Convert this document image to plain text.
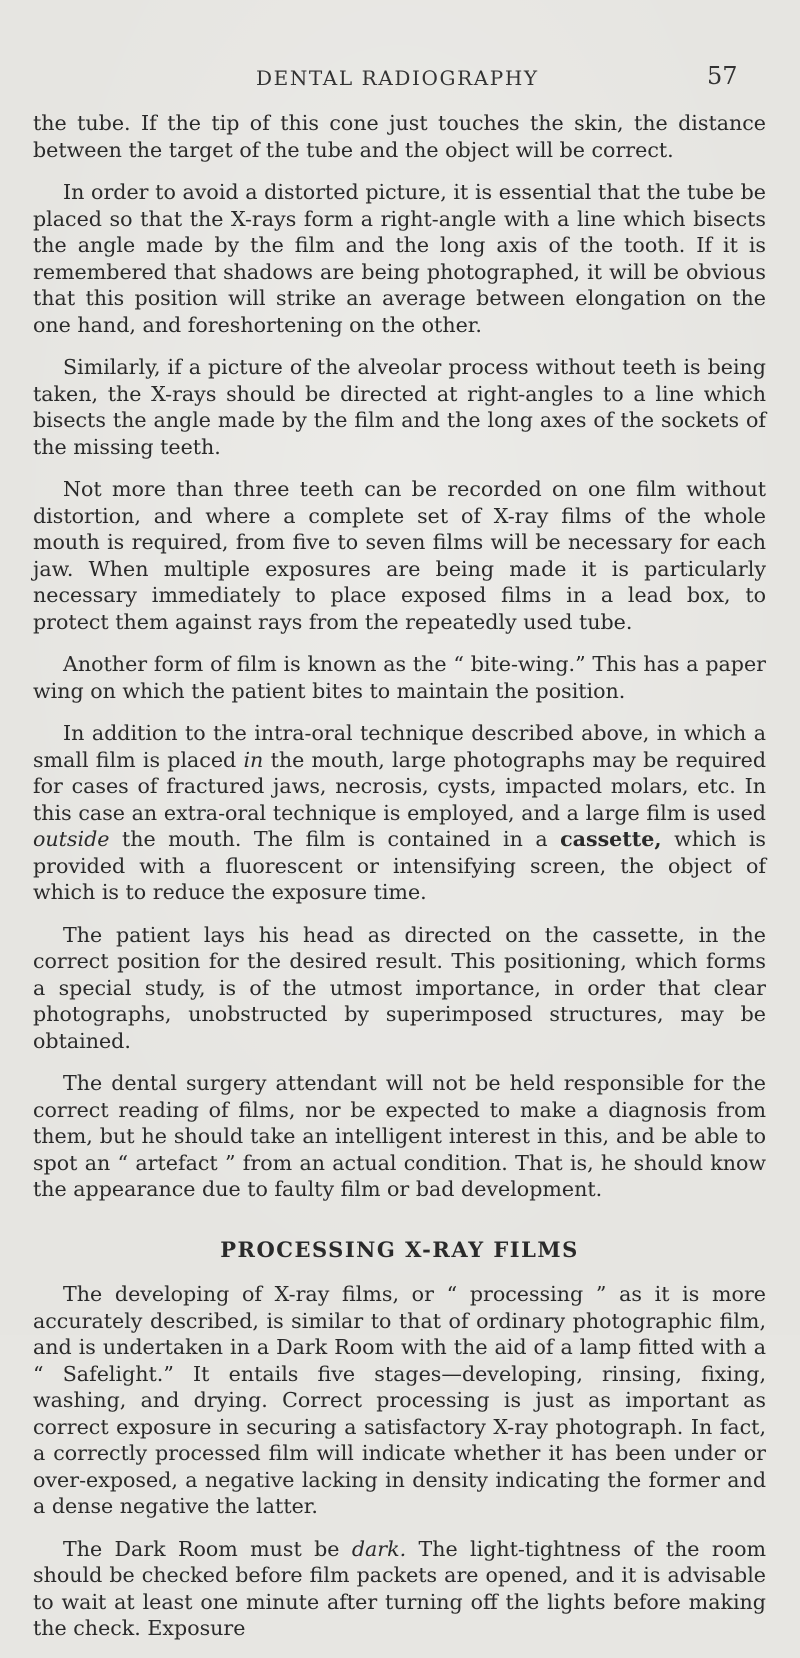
DENTAL RADIOGRAPHY	57

the tube. If the tip of this cone just touches the skin, the distance between the target of the tube and the object will be correct.

In order to avoid a distorted picture, it is essential that the tube be placed so that the X-rays form a right-angle with a line which bisects the angle made by the film and the long axis of the tooth. If it is remembered that shadows are being photographed, it will be obvious that this position will strike an average between elongation on the one hand, and foreshortening on the other.

Similarly, if a picture of the alveolar process without teeth is being taken, the X-rays should be directed at right-angles to a line which bisects the angle made by the film and the long axes of the sockets of the missing teeth.

Not more than three teeth can be recorded on one film without distortion, and where a complete set of X-ray films of the whole mouth is required, from five to seven films will be necessary for each jaw. When multiple exposures are being made it is particularly necessary immediately to place exposed films in a lead box, to protect them against rays from the repeatedly used tube.

Another form of film is known as the “ bite-wing.” This has a paper wing on which the patient bites to maintain the position.

In addition to the intra-oral technique described above, in which a small film is placed in the mouth, large photographs may be required for cases of fractured jaws, necrosis, cysts, impacted molars, etc. In this case an extra-oral technique is employed, and a large film is used outside the mouth. The film is contained in a cassette, which is provided with a fluorescent or intensifying screen, the object of which is to reduce the exposure time.

The patient lays his head as directed on the cassette, in the correct position for the desired result. This positioning, which forms a special study, is of the utmost importance, in order that clear photographs, unobstructed by superimposed structures, may be obtained.

The dental surgery attendant will not be held responsible for the correct reading of films, nor be expected to make a diagnosis from them, but he should take an intelligent interest in this, and be able to spot an “ artefact ” from an actual condition. That is, he should know the appearance due to faulty film or bad development.

PROCESSING X-RAY FILMS

The developing of X-ray films, or “ processing ” as it is more accurately described, is similar to that of ordinary photographic film, and is undertaken in a Dark Room with the aid of a lamp fitted with a “ Safelight.” It entails five stages—developing, rinsing, fixing, washing, and drying. Correct processing is just as important as correct exposure in securing a satisfactory X-ray photograph. In fact, a correctly processed film will indicate whether it has been under or over-exposed, a negative lacking in density indicating the former and a dense negative the latter.

The Dark Room must be dark. The light-tightness of the room should be checked before film packets are opened, and it is advisable to wait at least one minute after turning off the lights before making the check. Exposure
